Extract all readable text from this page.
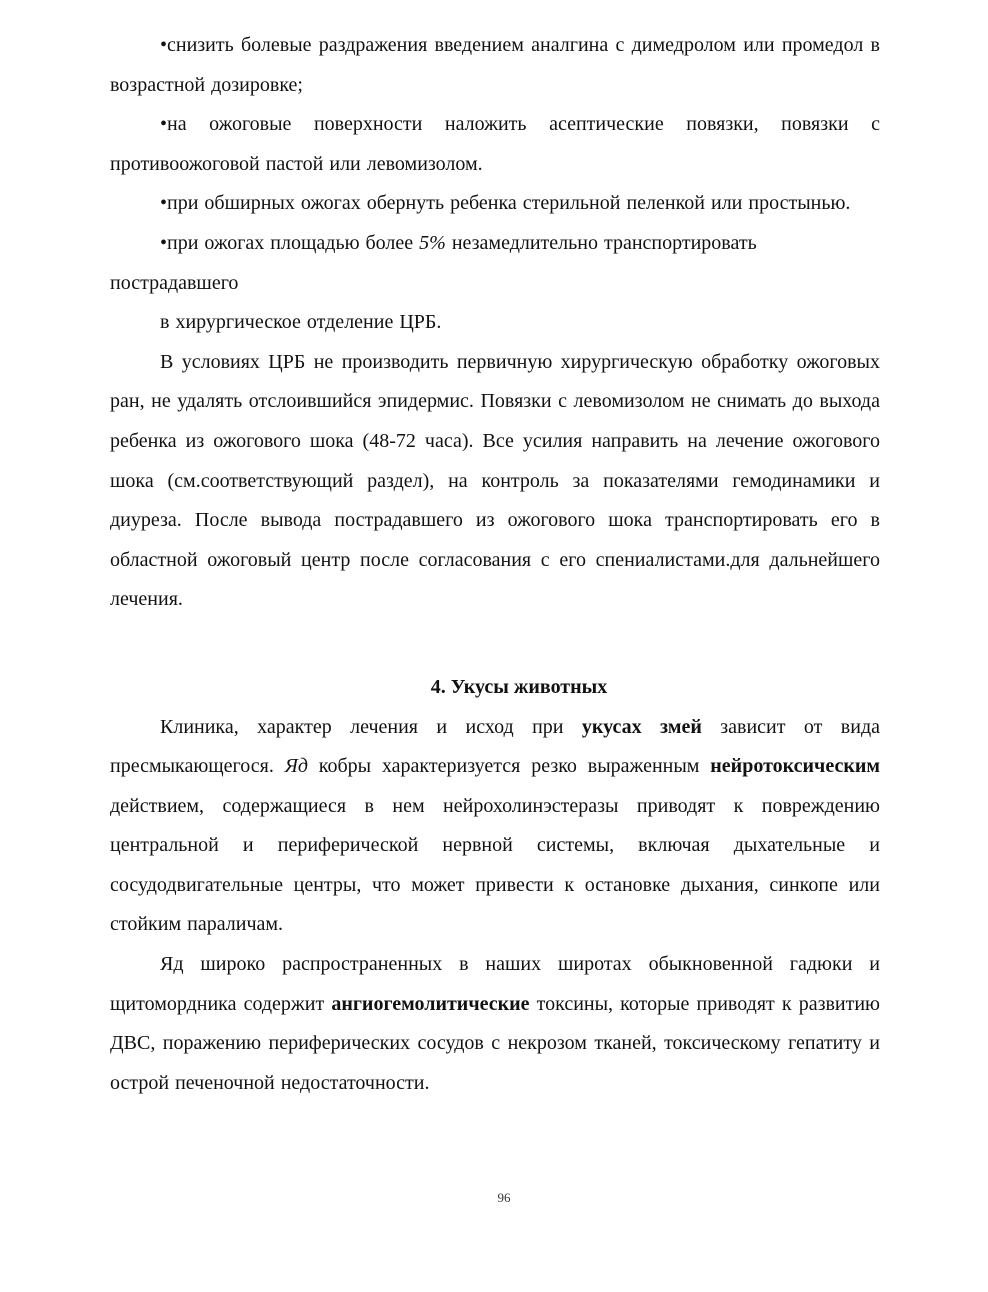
•снизить болевые раздражения введением аналгина с димедролом или промедол в возрастной дозировке;

•на ожоговые поверхности наложить асептические повязки, повязки с противоожоговой пастой или левомизолом.

•при обширных ожогах обернуть ребенка стерильной пеленкой или простынью.

•при ожогах площадью более 5% незамедлительно транспортировать пострадавшего

в хирургическое отделение ЦРБ.

В условиях ЦРБ не производить первичную хирургическую обработку ожоговых ран, не удалять отслоившийся эпидермис. Повязки с левомизолом не снимать до выхода ребенка из ожогового шока (48-72 часа). Все усилия направить на лечение ожогового шока (см.соответствующий раздел), на контроль за показателями гемодинамики и диуреза. После вывода пострадавшего из ожогового шока транспортировать его в областной ожоговый центр после согласования с его спениалистами.для дальнейшего лечения.

4. Укусы животных

Клиника, характер лечения и исход при укусах змей зависит от вида пресмыкающегося. Яд кобры характеризуется резко выраженным нейротоксическим действием, содержащиеся в нем нейрохолинэстеразы приводят к повреждению центральной и периферической нервной системы, включая дыхательные и сосудодвигательные центры, что может привести к остановке дыхания, синкопе или стойким параличам.

Яд широко распространенных в наших широтах обыкновенной гадюки и щитомордника содержит ангиогемолитические токсины, которые приводят к развитию ДВС, поражению периферических сосудов с некрозом тканей, токсическому гепатиту и острой печеночной недостаточности.

96
